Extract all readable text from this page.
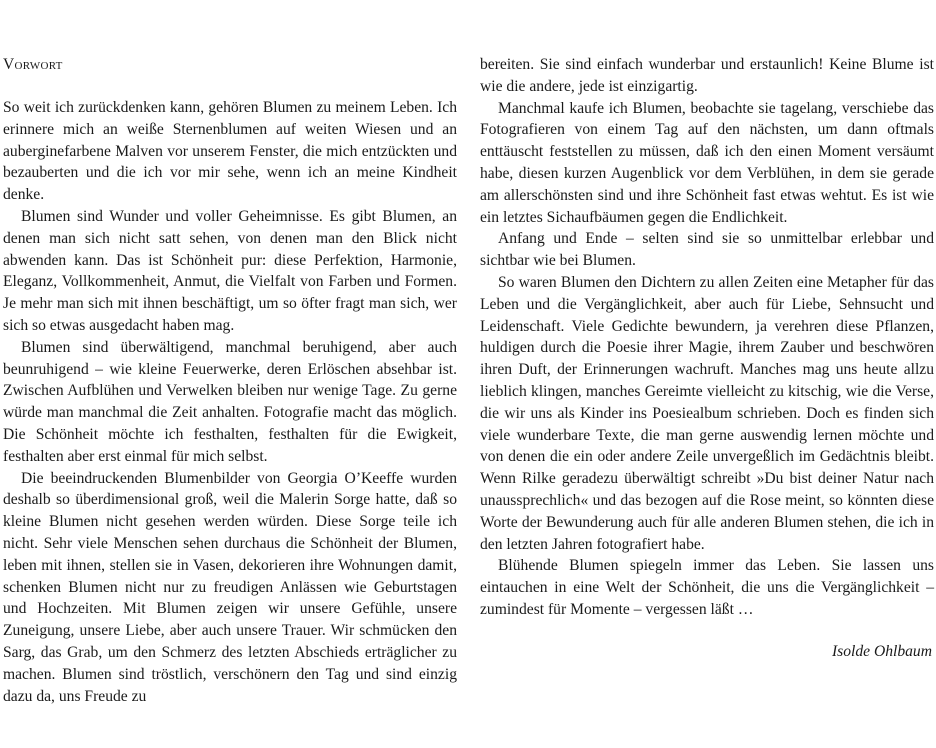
Vorwort

So weit ich zurückdenken kann, gehören Blumen zu meinem Leben. Ich erinnere mich an weiße Sternenblumen auf weiten Wiesen und an auberginefarbene Malven vor unserem Fenster, die mich entzückten und bezauberten und die ich vor mir sehe, wenn ich an meine Kindheit denke.

Blumen sind Wunder und voller Geheimnisse. Es gibt Blumen, an denen man sich nicht satt sehen, von denen man den Blick nicht abwenden kann. Das ist Schönheit pur: diese Perfektion, Harmonie, Eleganz, Vollkommenheit, Anmut, die Vielfalt von Farben und Formen. Je mehr man sich mit ihnen beschäftigt, um so öfter fragt man sich, wer sich so etwas ausgedacht haben mag.

Blumen sind überwältigend, manchmal beruhigend, aber auch beunruhigend – wie kleine Feuerwerke, deren Erlöschen absehbar ist. Zwischen Aufblühen und Verwelken bleiben nur wenige Tage. Zu gerne würde man manchmal die Zeit anhalten. Fotografie macht das möglich. Die Schönheit möchte ich festhalten, festhalten für die Ewigkeit, festhalten aber erst einmal für mich selbst.

Die beeindruckenden Blumenbilder von Georgia O’Keeffe wurden deshalb so überdimensional groß, weil die Malerin Sorge hatte, daß so kleine Blumen nicht gesehen werden würden. Diese Sorge teile ich nicht. Sehr viele Menschen sehen durchaus die Schönheit der Blumen, leben mit ihnen, stellen sie in Vasen, dekorieren ihre Wohnungen damit, schenken Blumen nicht nur zu freudigen Anlässen wie Geburtstagen und Hochzeiten. Mit Blumen zeigen wir unsere Gefühle, unsere Zuneigung, unsere Liebe, aber auch unsere Trauer. Wir schmücken den Sarg, das Grab, um den Schmerz des letzten Abschieds erträglicher zu machen. Blumen sind tröstlich, verschönern den Tag und sind einzig dazu da, uns Freude zu

bereiten. Sie sind einfach wunderbar und erstaunlich! Keine Blume ist wie die andere, jede ist einzigartig.

Manchmal kaufe ich Blumen, beobachte sie tagelang, verschiebe das Fotografieren von einem Tag auf den nächsten, um dann oftmals enttäuscht feststellen zu müssen, daß ich den einen Moment versäumt habe, diesen kurzen Augenblick vor dem Verblühen, in dem sie gerade am allerschönsten sind und ihre Schönheit fast etwas wehtut. Es ist wie ein letztes Sichaufbäumen gegen die Endlichkeit.

Anfang und Ende – selten sind sie so unmittelbar erlebbar und sichtbar wie bei Blumen.

So waren Blumen den Dichtern zu allen Zeiten eine Metapher für das Leben und die Vergänglichkeit, aber auch für Liebe, Sehnsucht und Leidenschaft. Viele Gedichte bewundern, ja verehren diese Pflanzen, huldigen durch die Poesie ihrer Magie, ihrem Zauber und beschwören ihren Duft, der Erinnerungen wachruft. Manches mag uns heute allzu lieblich klingen, manches Gereimte vielleicht zu kitschig, wie die Verse, die wir uns als Kinder ins Poesiealbum schrieben. Doch es finden sich viele wunderbare Texte, die man gerne auswendig lernen möchte und von denen die ein oder andere Zeile unvergeßlich im Gedächtnis bleibt. Wenn Rilke geradezu überwältigt schreibt »Du bist deiner Natur nach unaussprechlich« und das bezogen auf die Rose meint, so könnten diese Worte der Bewunderung auch für alle anderen Blumen stehen, die ich in den letzten Jahren fotografiert habe.

Blühende Blumen spiegeln immer das Leben. Sie lassen uns eintauchen in eine Welt der Schönheit, die uns die Vergänglichkeit – zumindest für Momente – vergessen läßt …

Isolde Ohlbaum
